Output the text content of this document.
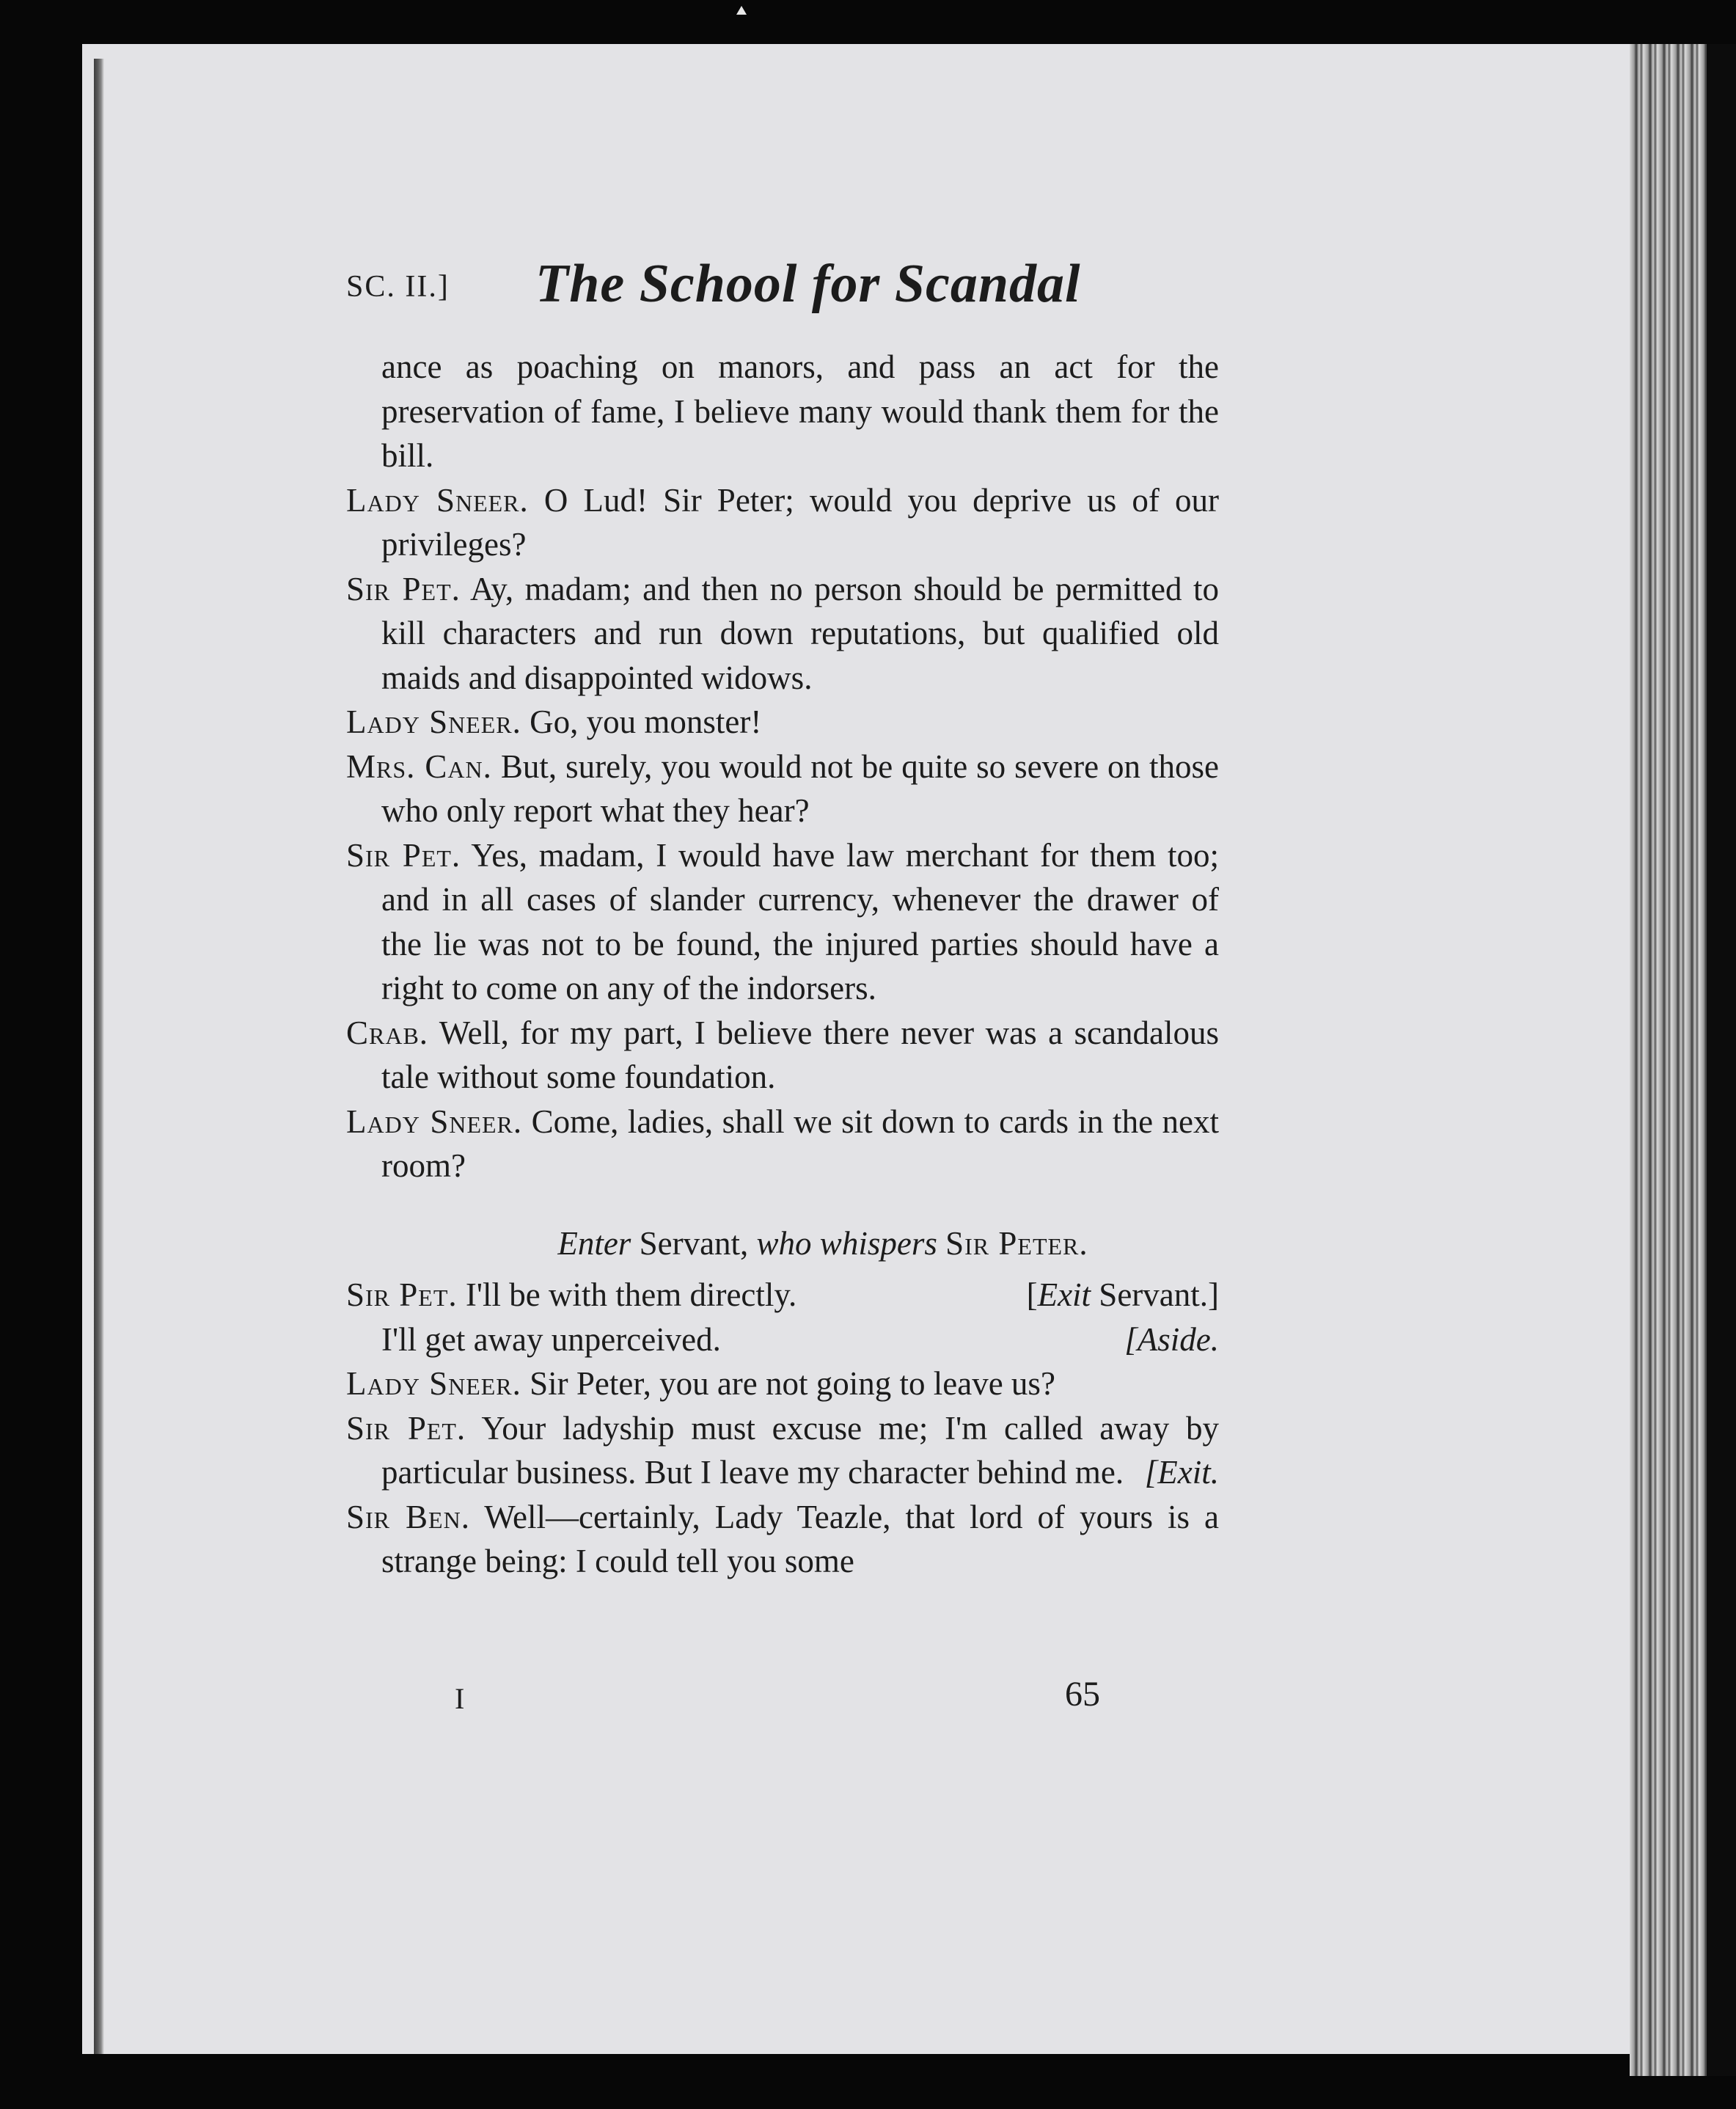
SC. II.] The School for Scandal

ance as poaching on manors, and pass an act for the preservation of fame, I believe many would thank them for the bill.

Lady Sneer. O Lud! Sir Peter; would you deprive us of our privileges?

Sir Pet. Ay, madam; and then no person should be permitted to kill characters and run down reputations, but qualified old maids and disappointed widows.

Lady Sneer. Go, you monster!

Mrs. Can. But, surely, you would not be quite so severe on those who only report what they hear?

Sir Pet. Yes, madam, I would have law merchant for them too; and in all cases of slander currency, whenever the drawer of the lie was not to be found, the injured parties should have a right to come on any of the indorsers.

Crab. Well, for my part, I believe there never was a scandalous tale without some foundation.

Lady Sneer. Come, ladies, shall we sit down to cards in the next room?

Enter Servant, who whispers Sir Peter.

Sir Pet. I'll be with them directly.	[Exit Servant.]

I'll get away unperceived.	[Aside.

Lady Sneer. Sir Peter, you are not going to leave us?

Sir Pet. Your ladyship must excuse me; I'm called away by particular business. But I leave my character behind me. [Exit.

Sir Ben. Well—certainly, Lady Teazle, that lord of yours is a strange being: I could tell you some

I	65
